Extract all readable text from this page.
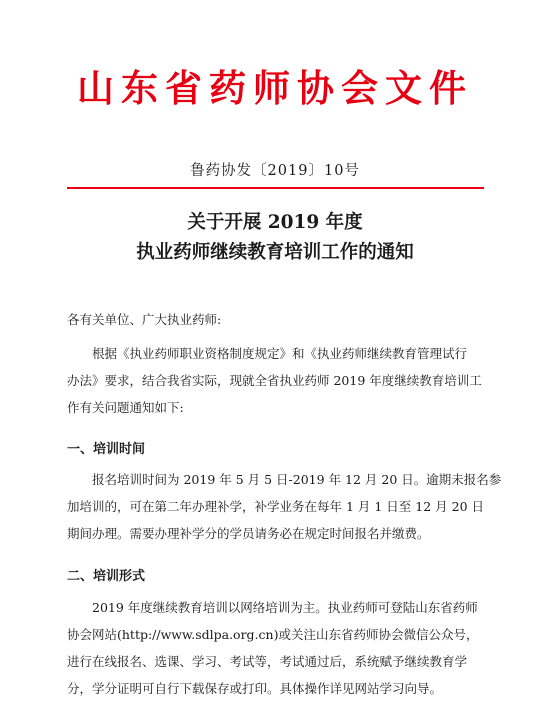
山东省药师协会文件
鲁药协发〔2019〕10号
关于开展 2019 年度
执业药师继续教育培训工作的通知
各有关单位、广大执业药师:
根据《执业药师职业资格制度规定》和《执业药师继续教育管理试行
办法》要求，结合我省实际，现就全省执业药师 2019 年度继续教育培训工
作有关问题通知如下:
一、培训时间
报名培训时间为 2019 年 5 月 5 日-2019 年 12 月 20 日。逾期未报名参
加培训的，可在第二年办理补学，补学业务在每年 1 月 1 日至 12 月 20 日
期间办理。需要办理补学分的学员请务必在规定时间报名并缴费。
二、培训形式
2019 年度继续教育培训以网络培训为主。执业药师可登陆山东省药师
协会网站(http://www.sdlpa.org.cn)或关注山东省药师协会微信公众号，
进行在线报名、选课、学习、考试等，考试通过后，系统赋予继续教育学
分，学分证明可自行下载保存或打印。具体操作详见网站学习向导。
